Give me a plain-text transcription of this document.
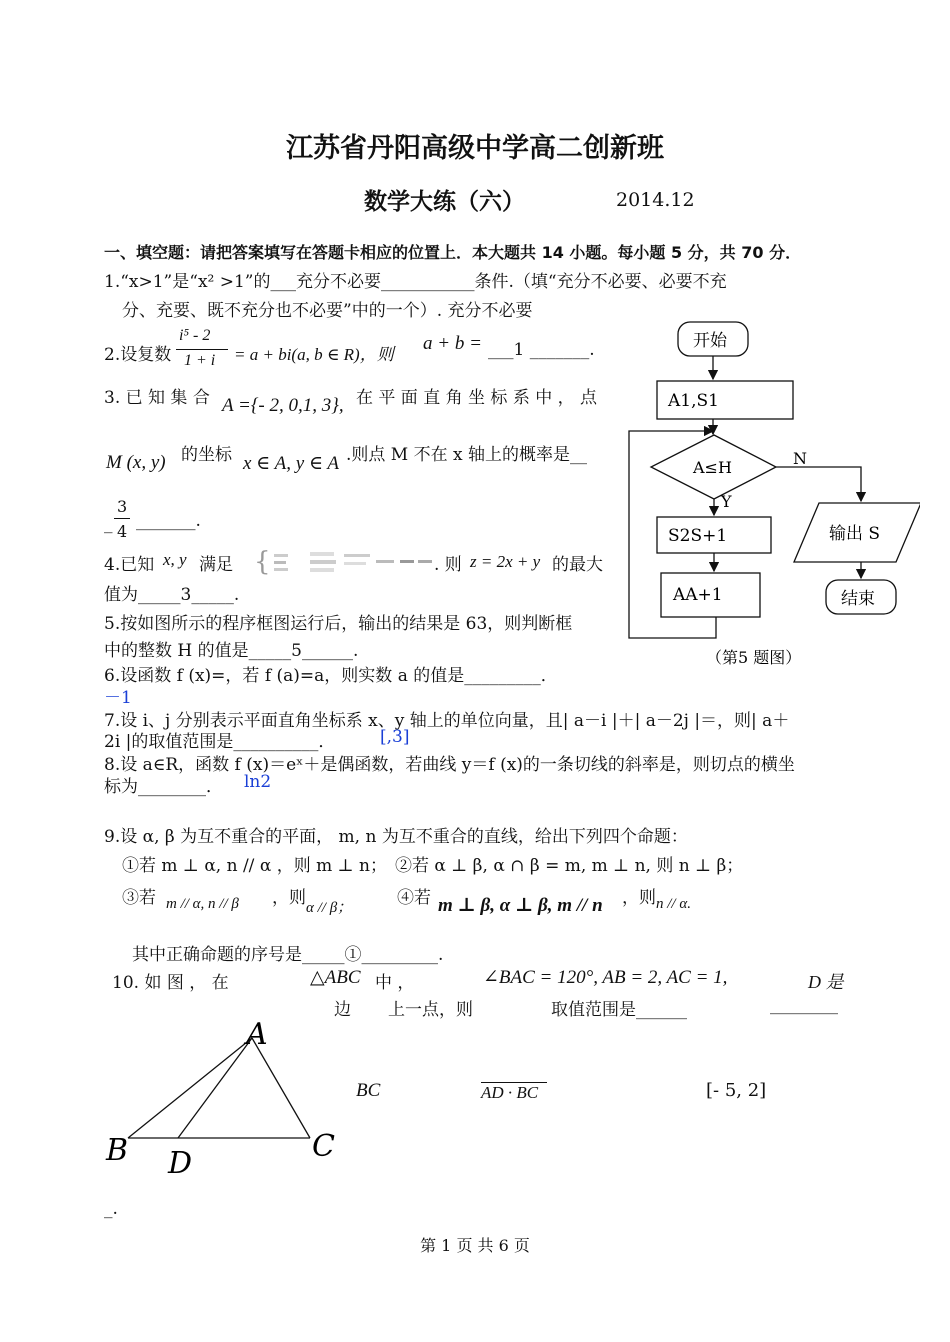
江苏省丹阳高级中学高二创新班
数学大练（六）	2014.12
一、填空题：请把答案填写在答题卡相应的位置上．本大题共 14 小题。每小题 5 分，共 70 分．
1.“x>1”是“x² >1”的___充分不必要___________条件.（填“充分不必要、必要不充
分、充要、既不充分也不必要”中的一个）. 充分不必要
2.设复数
i⁵ - 2
1 + i = a + bi(a, b ∈ R)，则
a + b = ___1 _______.
3. 已 知 集 合 A ={- 2, 0,1, 3}, 在 平 面 直 角 坐 标 系 中 ， 点
M (x, y) 的坐标 x ∈ A, y ∈ A .则点 M 不在 x 轴上的概率是__
_
3
4
_______.
4.已知 x, y 满足 {	. 则 z = 2x + y 的最大
值为_____3_____.
5.按如图所示的程序框图运行后，输出的结果是 63，则判断框
中的整数 H 的值是_____5______.
6.设函数 f (x)=，若 f (a)=a，则实数 a 的值是_________．
－1
7.设 i、j 分别表示平面直角坐标系 x、y 轴上的单位向量，且| a－i |＋| a－2j |＝，则| a＋
2i |的取值范围是__________．	[,3]
8.设 a∈R，函数 f (x)＝eˣ＋是偶函数，若曲线 y＝f (x)的一条切线的斜率是，则切点的横坐
标为________． ln2
9.设 α, β 为互不重合的平面， m, n 为互不重合的直线，给出下列四个命题：
①若 m ⊥ α, n // α ，则 m ⊥ n； ②若 α ⊥ β, α ∩ β = m, m ⊥ n, 则 n ⊥ β；
③若 m // α, n // β ，则 α // β；	④若 m ⊥ β, α ⊥ β, m // n ，则 n // α.
其中正确命题的序号是_____①_________.
10. 如 图 ， 在	△ABC 中 ，	∠BAC = 120°, AB = 2, AC = 1,	D 是
边 上一点，则	取值范围是______	________
BC	AD · BC	[- 5, 2]
_.
A
B	C
D
开始
A1,S1
A≤H
Y
S2S+1
AA+1
N
输出 S
结束
（第5 题图）
第 1 页 共 6 页
